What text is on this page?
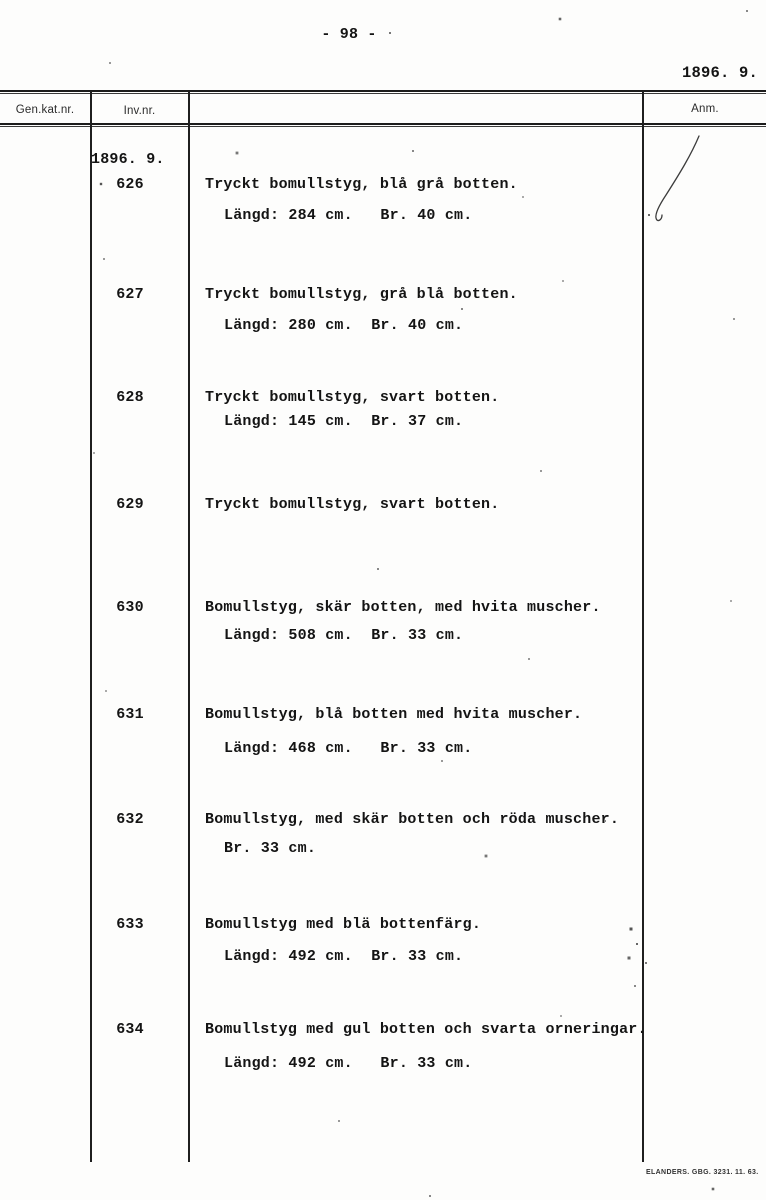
- 98 -
1896. 9.
Gen.kat.nr.	Inv.nr.	Anm.
1896. 9.
626	Tryckt bomullstyg, blå grå botten.
Längd: 284 cm.   Br. 40 cm.
627	Tryckt bomullstyg, grå blå botten.
Längd: 280 cm.  Br. 40 cm.
628	Tryckt bomullstyg, svart botten.
Längd: 145 cm.  Br. 37 cm.
629	Tryckt bomullstyg, svart botten.
630	Bomullstyg, skär botten, med hvita muscher.
Längd: 508 cm.  Br. 33 cm.
631	Bomullstyg, blå botten med hvita muscher.
Längd: 468 cm.   Br. 33 cm.
632	Bomullstyg, med skär botten och röda muscher.
Br. 33 cm.
633	Bomullstyg med blä bottenfärg.
Längd: 492 cm.  Br. 33 cm.
634	Bomullstyg med gul botten och svarta orneringar.
Längd: 492 cm.   Br. 33 cm.
ELANDERS. GBG. 3231. 11. 63.
